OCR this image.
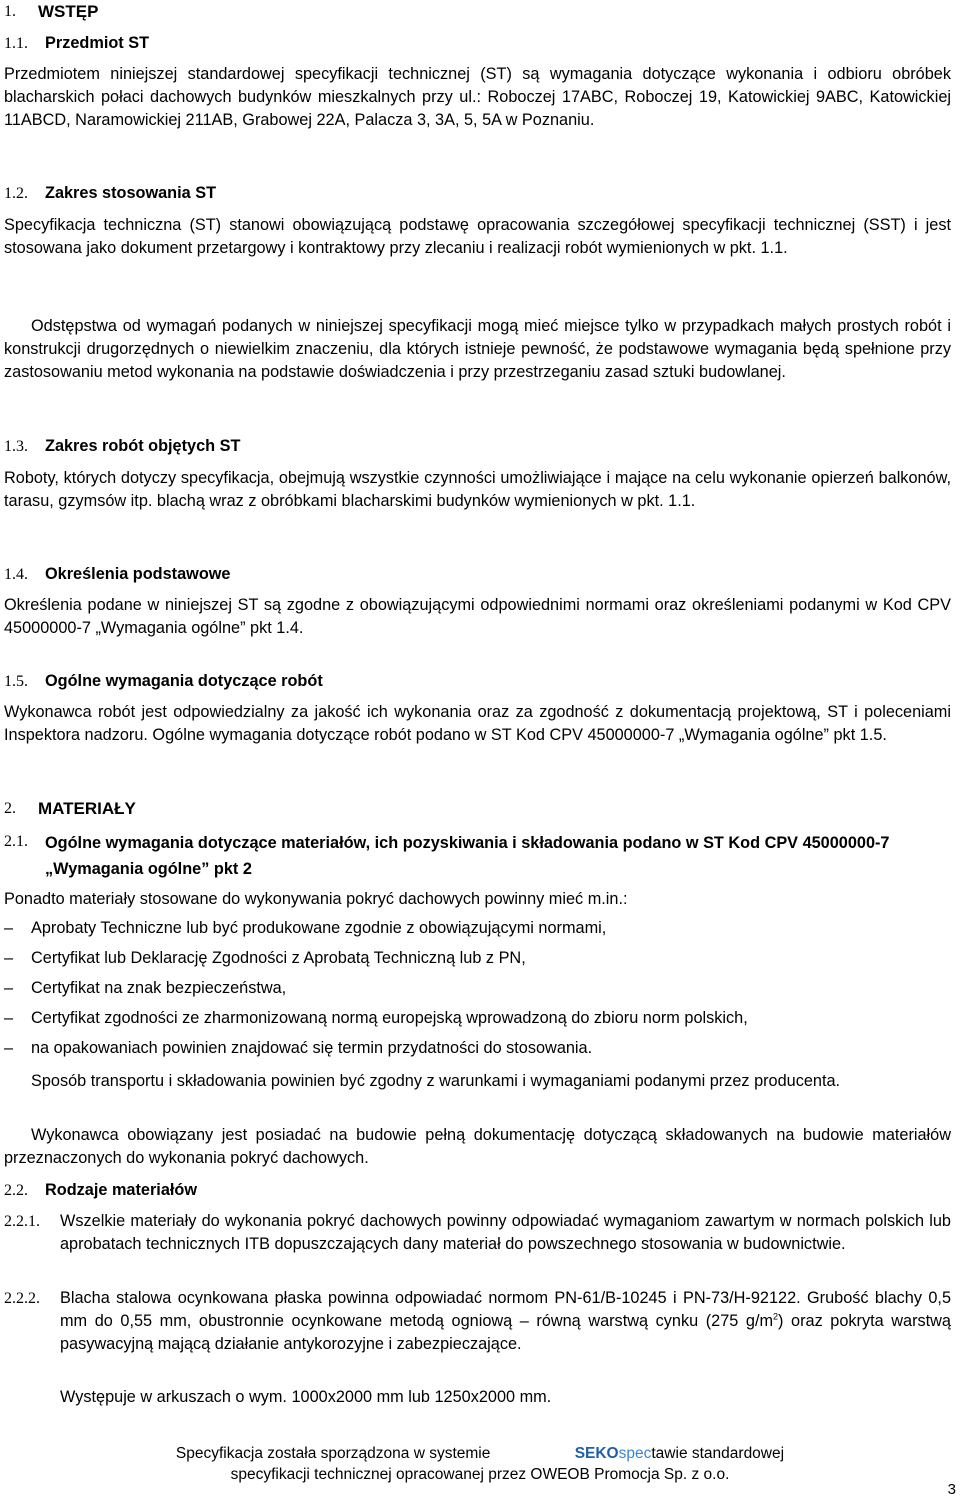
1.	WSTĘP
1.1.	Przedmiot ST

Przedmiotem niniejszej standardowej specyfikacji technicznej (ST) są wymagania dotyczące wykonania i odbioru obróbek blacharskich połaci dachowych budynków mieszkalnych przy ul.: Roboczej 17ABC, Roboczej 19, Katowickiej 9ABC, Katowickiej 11ABCD, Naramowickiej 211AB, Grabowej 22A, Palacza 3, 3A, 5, 5A w Poznaniu.

1.2.	Zakres stosowania ST

Specyfikacja techniczna (ST) stanowi obowiązującą podstawę opracowania szczegółowej specyfikacji technicznej (SST) i jest stosowana jako dokument przetargowy i kontraktowy przy zlecaniu i realizacji robót wymienionych w pkt. 1.1.

Odstępstwa od wymagań podanych w niniejszej specyfikacji mogą mieć miejsce tylko w przypadkach małych prostych robót i konstrukcji drugorzędnych o niewielkim znaczeniu, dla których istnieje pewność, że podstawowe wymagania będą spełnione przy zastosowaniu metod wykonania na podstawie doświadczenia i przy przestrzeganiu zasad sztuki budowlanej.

1.3.	Zakres robót objętych ST

Roboty, których dotyczy specyfikacja, obejmują wszystkie czynności umożliwiające i mające na celu wykonanie opierzeń balkonów, tarasu, gzymsów itp. blachą wraz z obróbkami blacharskimi budynków wymienionych w pkt. 1.1.

1.4.	Określenia podstawowe

Określenia podane w niniejszej ST są zgodne z obowiązującymi odpowiednimi normami oraz określeniami podanymi w Kod CPV 45000000-7 „Wymagania ogólne” pkt 1.4.

1.5.	Ogólne wymagania dotyczące robót

Wykonawca robót jest odpowiedzialny za jakość ich wykonania oraz za zgodność z dokumentacją projektową, ST i poleceniami Inspektora nadzoru. Ogólne wymagania dotyczące robót podano w ST Kod CPV 45000000-7 „Wymagania ogólne” pkt 1.5.

2.	MATERIAŁY
2.1.	Ogólne wymagania dotyczące materiałów, ich pozyskiwania i składowania podano w ST Kod CPV 45000000-7 „Wymagania ogólne” pkt 2

Ponadto materiały stosowane do wykonywania pokryć dachowych powinny mieć m.in.:

–	Aprobaty Techniczne lub być produkowane zgodnie z obowiązującymi normami,
–	Certyfikat lub Deklarację Zgodności z Aprobatą Techniczną lub z PN,
–	Certyfikat na znak bezpieczeństwa,
–	Certyfikat zgodności ze zharmonizowaną normą europejską wprowadzoną do zbioru norm polskich,
–	na opakowaniach powinien znajdować się termin przydatności do stosowania.

Sposób transportu i składowania powinien być zgodny z warunkami i wymaganiami podanymi przez producenta.

Wykonawca obowiązany jest posiadać na budowie pełną dokumentację dotyczącą składowanych na budowie materiałów przeznaczonych do wykonania pokryć dachowych.

2.2.	Rodzaje materiałów
2.2.1.	Wszelkie materiały do wykonania pokryć dachowych powinny odpowiadać wymaganiom zawartym w normach polskich lub aprobatach technicznych ITB dopuszczających dany materiał do powszechnego stosowania w budownictwie.

2.2.2.	Blacha stalowa ocynkowana płaska powinna odpowiadać normom PN-61/B-10245 i PN-73/H-92122. Grubość blachy 0,5 mm do 0,55 mm, obustronnie ocynkowane metodą ogniową – równą warstwą cynku (275 $g/m^2$) oraz pokryta warstwą pasywacyjną mającą działanie antykorozyjne i zabezpieczające.

Występuje w arkuszach o wym. 1000x2000 mm lub 1250x2000 mm.

Specyfikacja została sporządzona w systemie	SEKOspectawie standardowej
specyfikacji technicznej opracowanej przez OWEOB Promocja Sp. z o.o.
3
